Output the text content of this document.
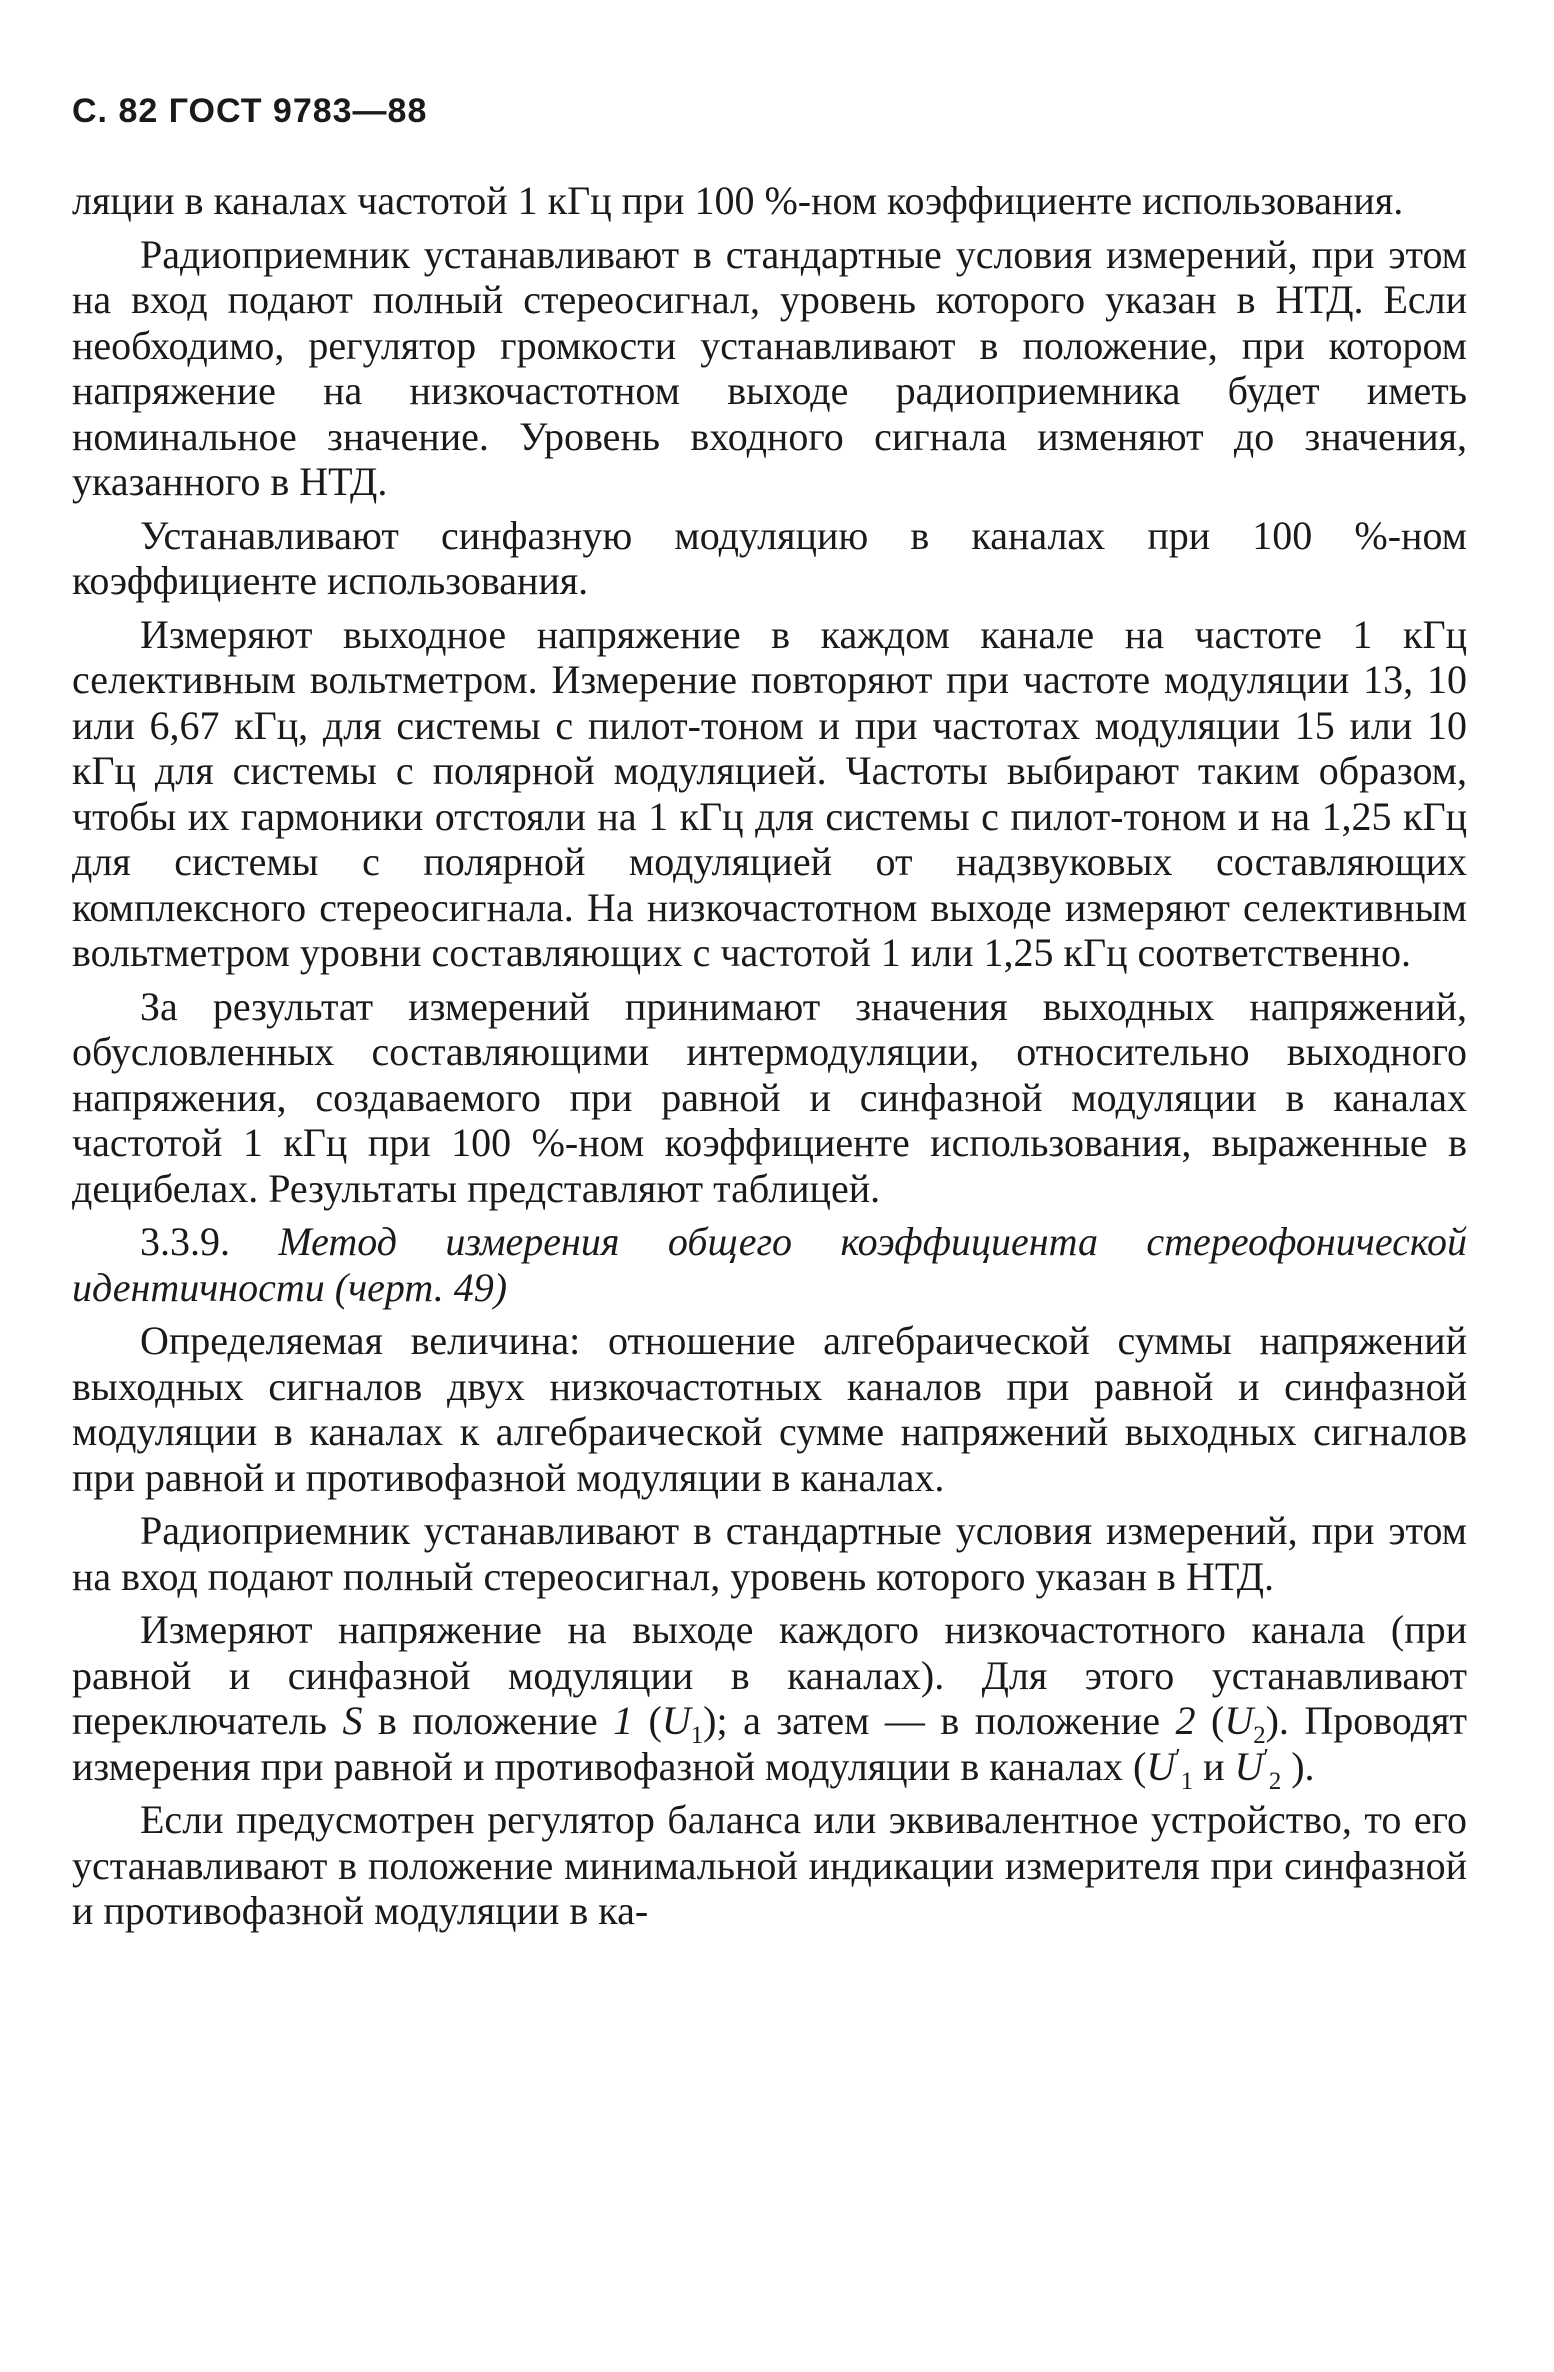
С. 82 ГОСТ 9783—88

ляции в каналах частотой 1 кГц при 100 %-ном коэффициенте использования.

Радиоприемник устанавливают в стандартные условия измерений, при этом на вход подают полный стереосигнал, уровень которого указан в НТД. Если необходимо, регулятор громкости устанавливают в положение, при котором напряжение на низкочастотном выходе радиоприемника будет иметь номинальное значение. Уровень входного сигнала изменяют до значения, указанного в НТД.

Устанавливают синфазную модуляцию в каналах при 100 %-ном коэффициенте использования.

Измеряют выходное напряжение в каждом канале на частоте 1 кГц селективным вольтметром. Измерение повторяют при частоте модуляции 13, 10 или 6,67 кГц, для системы с пилот-тоном и при частотах модуляции 15 или 10 кГц для системы с полярной модуляцией. Частоты выбирают таким образом, чтобы их гармоники отстояли на 1 кГц для системы с пилот-тоном и на 1,25 кГц для системы с полярной модуляцией от надзвуковых составляющих комплексного стереосигнала. На низкочастотном выходе измеряют селективным вольтметром уровни составляющих с частотой 1 или 1,25 кГц соответственно.

За результат измерений принимают значения выходных напряжений, обусловленных составляющими интермодуляции, относительно выходного напряжения, создаваемого при равной и синфазной модуляции в каналах частотой 1 кГц при 100 %-ном коэффициенте использования, выраженные в децибелах. Результаты представляют таблицей.

3.3.9. Метод измерения общего коэффициента стереофонической идентичности (черт. 49)

Определяемая величина: отношение алгебраической суммы напряжений выходных сигналов двух низкочастотных каналов при равной и синфазной модуляции в каналах к алгебраической сумме напряжений выходных сигналов при равной и противофазной модуляции в каналах.

Радиоприемник устанавливают в стандартные условия измерений, при этом на вход подают полный стереосигнал, уровень которого указан в НТД.

Измеряют напряжение на выходе каждого низкочастотного канала (при равной и синфазной модуляции в каналах). Для этого устанавливают переключатель S в положение 1 $(U_1)$; а затем — в положение 2 $(U_2)$. Проводят измерения при равной и противофазной модуляции в каналах ($U'_1$ и $U'_2$ ).

Если предусмотрен регулятор баланса или эквивалентное устройство, то его устанавливают в положение минимальной индикации измерителя при синфазной и противофазной модуляции в ка-
